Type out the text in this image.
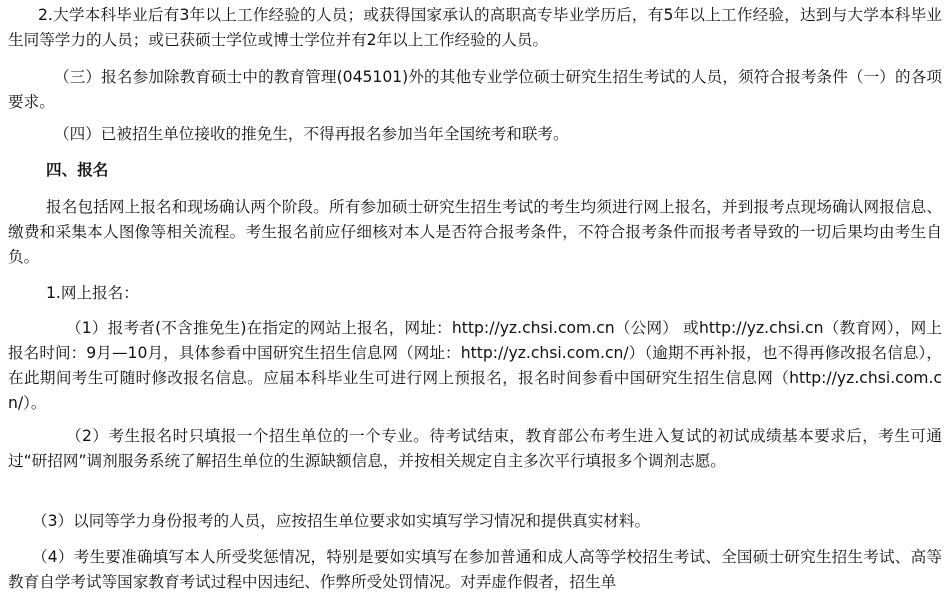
2.大学本科毕业后有3年以上工作经验的人员；或获得国家承认的高职高专毕业学历后，有5年以上工作经验，达到与大学本科毕业生同等学力的人员；或已获硕士学位或博士学位并有2年以上工作经验的人员。

（三）报名参加除教育硕士中的教育管理(045101)外的其他专业学位硕士研究生招生考试的人员，须符合报考条件（一）的各项要求。

（四）已被招生单位接收的推免生，不得再报名参加当年全国统考和联考。

四、报名

报名包括网上报名和现场确认两个阶段。所有参加硕士研究生招生考试的考生均须进行网上报名，并到报考点现场确认网报信息、缴费和采集本人图像等相关流程。考生报名前应仔细核对本人是否符合报考条件，不符合报考条件而报考者导致的一切后果均由考生自负。

1.网上报名：

（1）报考者(不含推免生)在指定的网站上报名，网址：http://yz.chsi.com.cn（公网） 或http://yz.chsi.cn（教育网），网上报名时间：9月—10月，具体参看中国研究生招生信息网（网址：http://yz.chsi.com.cn/）（逾期不再补报，也不得再修改报名信息），在此期间考生可随时修改报名信息。应届本科毕业生可进行网上预报名，报名时间参看中国研究生招生信息网（http://yz.chsi.com.cn/）。

（2）考生报名时只填报一个招生单位的一个专业。待考试结束，教育部公布考生进入复试的初试成绩基本要求后，考生可通过“研招网”调剂服务系统了解招生单位的生源缺额信息，并按相关规定自主多次平行填报多个调剂志愿。

（3）以同等学力身份报考的人员，应按招生单位要求如实填写学习情况和提供真实材料。

（4）考生要准确填写本人所受奖惩情况，特别是要如实填写在参加普通和成人高等学校招生考试、全国硕士研究生招生考试、高等教育自学考试等国家教育考试过程中因违纪、作弊所受处罚情况。对弄虚作假者，招生单
